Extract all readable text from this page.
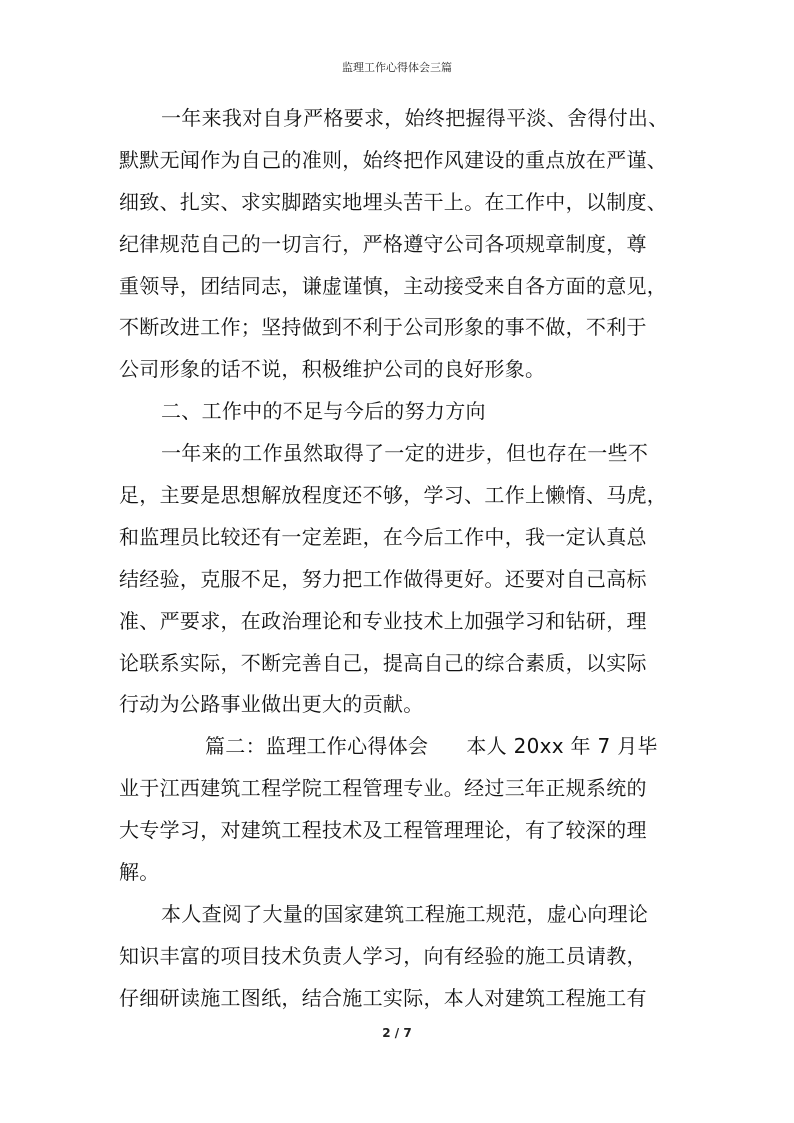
监理工作心得体会三篇
一年来我对自身严格要求，始终把握得平淡、舍得付出、
默默无闻作为自己的准则，始终把作风建设的重点放在严谨、
细致、扎实、求实脚踏实地埋头苦干上。在工作中，以制度、
纪律规范自己的一切言行，严格遵守公司各项规章制度，尊
重领导，团结同志，谦虚谨慎，主动接受来自各方面的意见，
不断改进工作；坚持做到不利于公司形象的事不做，不利于
公司形象的话不说，积极维护公司的良好形象。
二、工作中的不足与今后的努力方向
一年来的工作虽然取得了一定的进步，但也存在一些不
足，主要是思想解放程度还不够，学习、工作上懒惰、马虎，
和监理员比较还有一定差距，在今后工作中，我一定认真总
结经验，克服不足，努力把工作做得更好。还要对自己高标
准、严要求，在政治理论和专业技术上加强学习和钻研，理
论联系实际，不断完善自己，提高自己的综合素质，以实际
行动为公路事业做出更大的贡献。
篇二：监理工作心得体会 本人 20xx 年 7 月毕
业于江西建筑工程学院工程管理专业。经过三年正规系统的
大专学习，对建筑工程技术及工程管理理论，有了较深的理
解。
本人查阅了大量的国家建筑工程施工规范，虚心向理论
知识丰富的项目技术负责人学习，向有经验的施工员请教，
仔细研读施工图纸，结合施工实际，本人对建筑工程施工有
2 / 7
